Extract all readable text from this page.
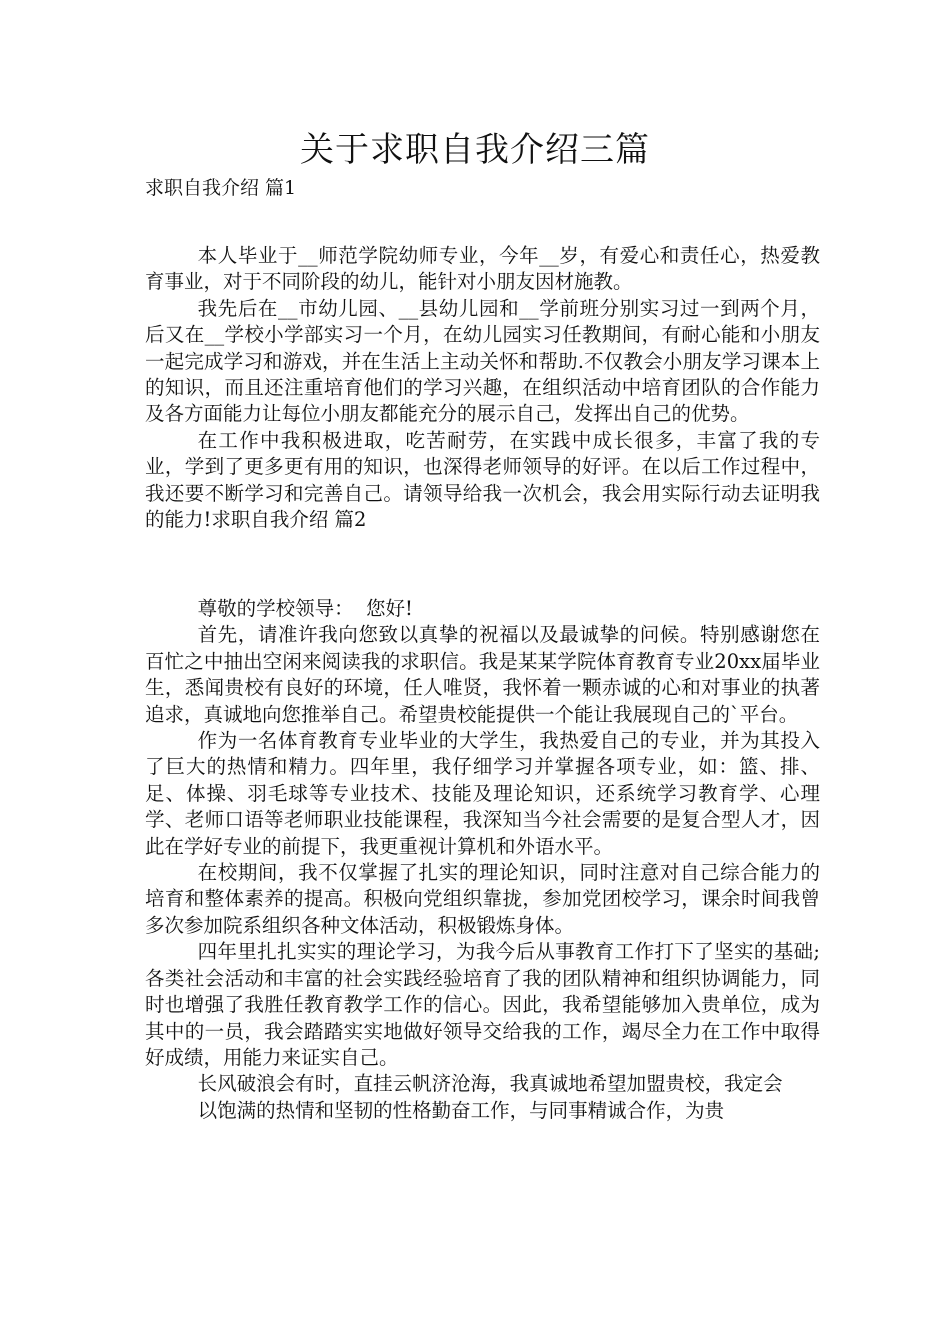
关于求职自我介绍三篇
求职自我介绍 篇1

本人毕业于__师范学院幼师专业，今年__岁，有爱心和责任心，热爱教育事业，对于不同阶段的幼儿，能针对小朋友因材施教。

我先后在__市幼儿园、__县幼儿园和__学前班分别实习过一到两个月，后又在__学校小学部实习一个月，在幼儿园实习任教期间，有耐心能和小朋友一起完成学习和游戏，并在生活上主动关怀和帮助.不仅教会小朋友学习课本上的知识，而且还注重培育他们的学习兴趣，在组织活动中培育团队的合作能力及各方面能力让每位小朋友都能充分的展示自己，发挥出自己的优势。

在工作中我积极进取，吃苦耐劳，在实践中成长很多，丰富了我的专业，学到了更多更有用的知识，也深得老师领导的好评。在以后工作过程中，我还要不断学习和完善自己。请领导给我一次机会，我会用实际行动去证明我的能力!求职自我介绍 篇2

尊敬的学校领导：  您好!

首先，请准许我向您致以真挚的祝福以及最诚挚的问候。特别感谢您在百忙之中抽出空闲来阅读我的求职信。我是某某学院体育教育专业20xx届毕业生，悉闻贵校有良好的环境，任人唯贤，我怀着一颗赤诚的心和对事业的执著追求，真诚地向您推举自己。希望贵校能提供一个能让我展现自己的`平台。

作为一名体育教育专业毕业的大学生，我热爱自己的专业，并为其投入了巨大的热情和精力。四年里，我仔细学习并掌握各项专业，如：篮、排、足、体操、羽毛球等专业技术、技能及理论知识，还系统学习教育学、心理学、老师口语等老师职业技能课程，我深知当今社会需要的是复合型人才，因此在学好专业的前提下，我更重视计算机和外语水平。

在校期间，我不仅掌握了扎实的理论知识，同时注意对自己综合能力的培育和整体素养的提高。积极向党组织靠拢，参加党团校学习，课余时间我曾多次参加院系组织各种文体活动，积极锻炼身体。

四年里扎扎实实的理论学习，为我今后从事教育工作打下了坚实的基础;各类社会活动和丰富的社会实践经验培育了我的团队精神和组织协调能力，同时也增强了我胜任教育教学工作的信心。因此，我希望能够加入贵单位，成为其中的一员，我会踏踏实实地做好领导交给我的工作，竭尽全力在工作中取得好成绩，用能力来证实自己。

长风破浪会有时，直挂云帆济沧海，我真诚地希望加盟贵校，我定会

以饱满的热情和坚韧的性格勤奋工作，与同事精诚合作，为贵
